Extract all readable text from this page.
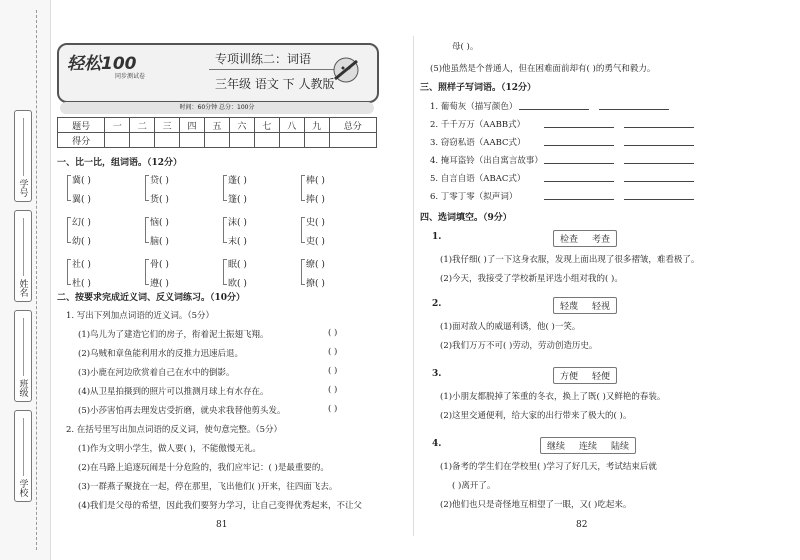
学号
姓名
班级
学校
轻松100
同步测试卷
专项训练二：词语
三年级 语文 下 人教版
时间：60分钟 总分：100分
题号	一	二	三	四	五	六	七	八	九	总分
得分										
一、比一比，组词语。（12分）
二、按要求完成近义词、反义词练习。（10分）
1. 写出下列加点词语的近义词。（5分）
2. 在括号里写出加点词语的反义词，使句意完整。（5分）
81
母( )。
(5)他虽然是个普通人，但在困难面前却有( )的勇气和毅力。
三、照样子写词语。（12分）
四、选词填空。（9分）
82
冀( )	贷( )	蓬( )	棒( )
翼( )	货( )	篷( )	捧( )
幻( )	恼( )	沫( )	史( )
幼( )	脑( )	末( )	吏( )
社( )	骨( )	眠( )	缭( )
杜( )	遵( )	欧( )	撩( )
(1)鸟儿为了建造它们的房子，衔着泥土振翅飞翔。	( )
(2)乌贼和章鱼能利用水的反推力迅速后退。	( )
(3)小鹿在河边欣赏着自己在水中的倒影。	( )
(4)从卫星拍摄到的照片可以推测月球上有水存在。	( )
(5)小莎害怕再去理发店受折磨，就央求我替他剪头发。	( )
(1)作为文明小学生，做人要( )，不能傲慢无礼。
(2)在马路上追逐玩闹是十分危险的，我们应牢记：( )是最重要的。
(3)一群燕子聚拢在一起，停在那里，飞出他们( )开来，往四面飞去。
(4)我们是父母的希望，因此我们要努力学习，让自己变得优秀起来，不让父
1. 葡萄灰（描写颜色）
2. 千千万万（AABB式）
3. 窃窃私语（AABC式）
4. 掩耳盗铃（出自寓言故事）
5. 自言自语（ABAC式）
6. 丁零丁零（拟声词）
1.	检查 考查
(1)我仔细( )了一下这身衣服，发现上面出现了很多褶皱，难看极了。
(2)今天，我接受了学校新星评选小组对我的( )。
2.	轻蔑 轻视
(1)面对敌人的威逼利诱，他( )一笑。
(2)我们万万不可( )劳动，劳动创造历史。
3.	方便 轻便
(1)小朋友都脱掉了笨重的冬衣，换上了既( )又鲜艳的春装。
(2)这里交通便利，给大家的出行带来了极大的( )。
4.	继续 连续 陆续
(1)备考的学生们在学校里( )学习了好几天，考试结束后就
( )离开了。
(2)他们也只是奇怪地互相望了一眼，又( )吃起来。
